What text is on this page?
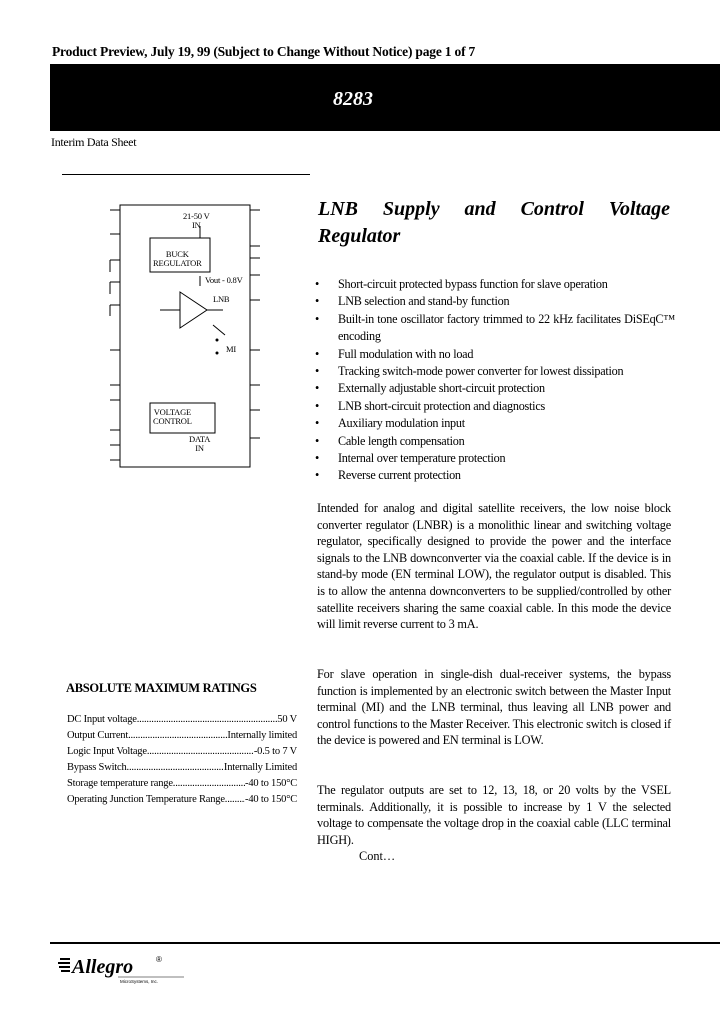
Product Preview, July 19, 99 (Subject to Change Without Notice) page 1 of 7
8283
Interim Data Sheet
21-50 V
IN
BUCK
REGULATOR
Vout - 0.8V
LNB
MI
VOLTAGE
CONTROL
DATA
IN
LNB Supply and Control Voltage
Regulator
• Short-circuit protected bypass function for slave operation
• LNB selection and stand-by function
• Built-in tone oscillator factory trimmed to 22 kHz facilitates DiSEqC™ encoding
• Full modulation with no load
• Tracking switch-mode power converter for lowest dissipation
• Externally adjustable short-circuit protection
• LNB short-circuit protection and diagnostics
• Auxiliary modulation input
• Cable length compensation
• Internal over temperature protection
• Reverse current protection

Intended for analog and digital satellite receivers, the low noise block converter regulator (LNBR) is a monolithic linear and switching voltage regulator, specifically designed to provide the power and the interface signals to the LNB downconverter via the coaxial cable. If the device is in stand-by mode (EN terminal LOW), the regulator output is disabled. This is to allow the antenna downconverters to be supplied/controlled by other satellite receivers sharing the same coaxial cable. In this mode the device will limit reverse current to 3 mA.

For slave operation in single-dish dual-receiver systems, the bypass function is implemented by an electronic switch between the Master Input terminal (MI) and the LNB terminal, thus leaving all LNB power and control functions to the Master Receiver. This electronic switch is closed if the device is powered and EN terminal is LOW.

The regulator outputs are set to 12, 13, 18, or 20 volts by the VSEL terminals. Additionally, it is possible to increase by 1 V the selected voltage to compensate the voltage drop in the coaxial cable (LLC terminal HIGH).

Cont…
ABSOLUTE MAXIMUM RATINGS
DC Input voltage .....	50 V
Output Current .....	Internally limited
Logic Input Voltage .....	-0.5 to 7 V
Bypass Switch .....	Internally Limited
Storage temperature range .....	-40 to 150°C
Operating Junction Temperature Range ..... -40 to 150°C
Allegro	®
MicroSystems, Inc.
